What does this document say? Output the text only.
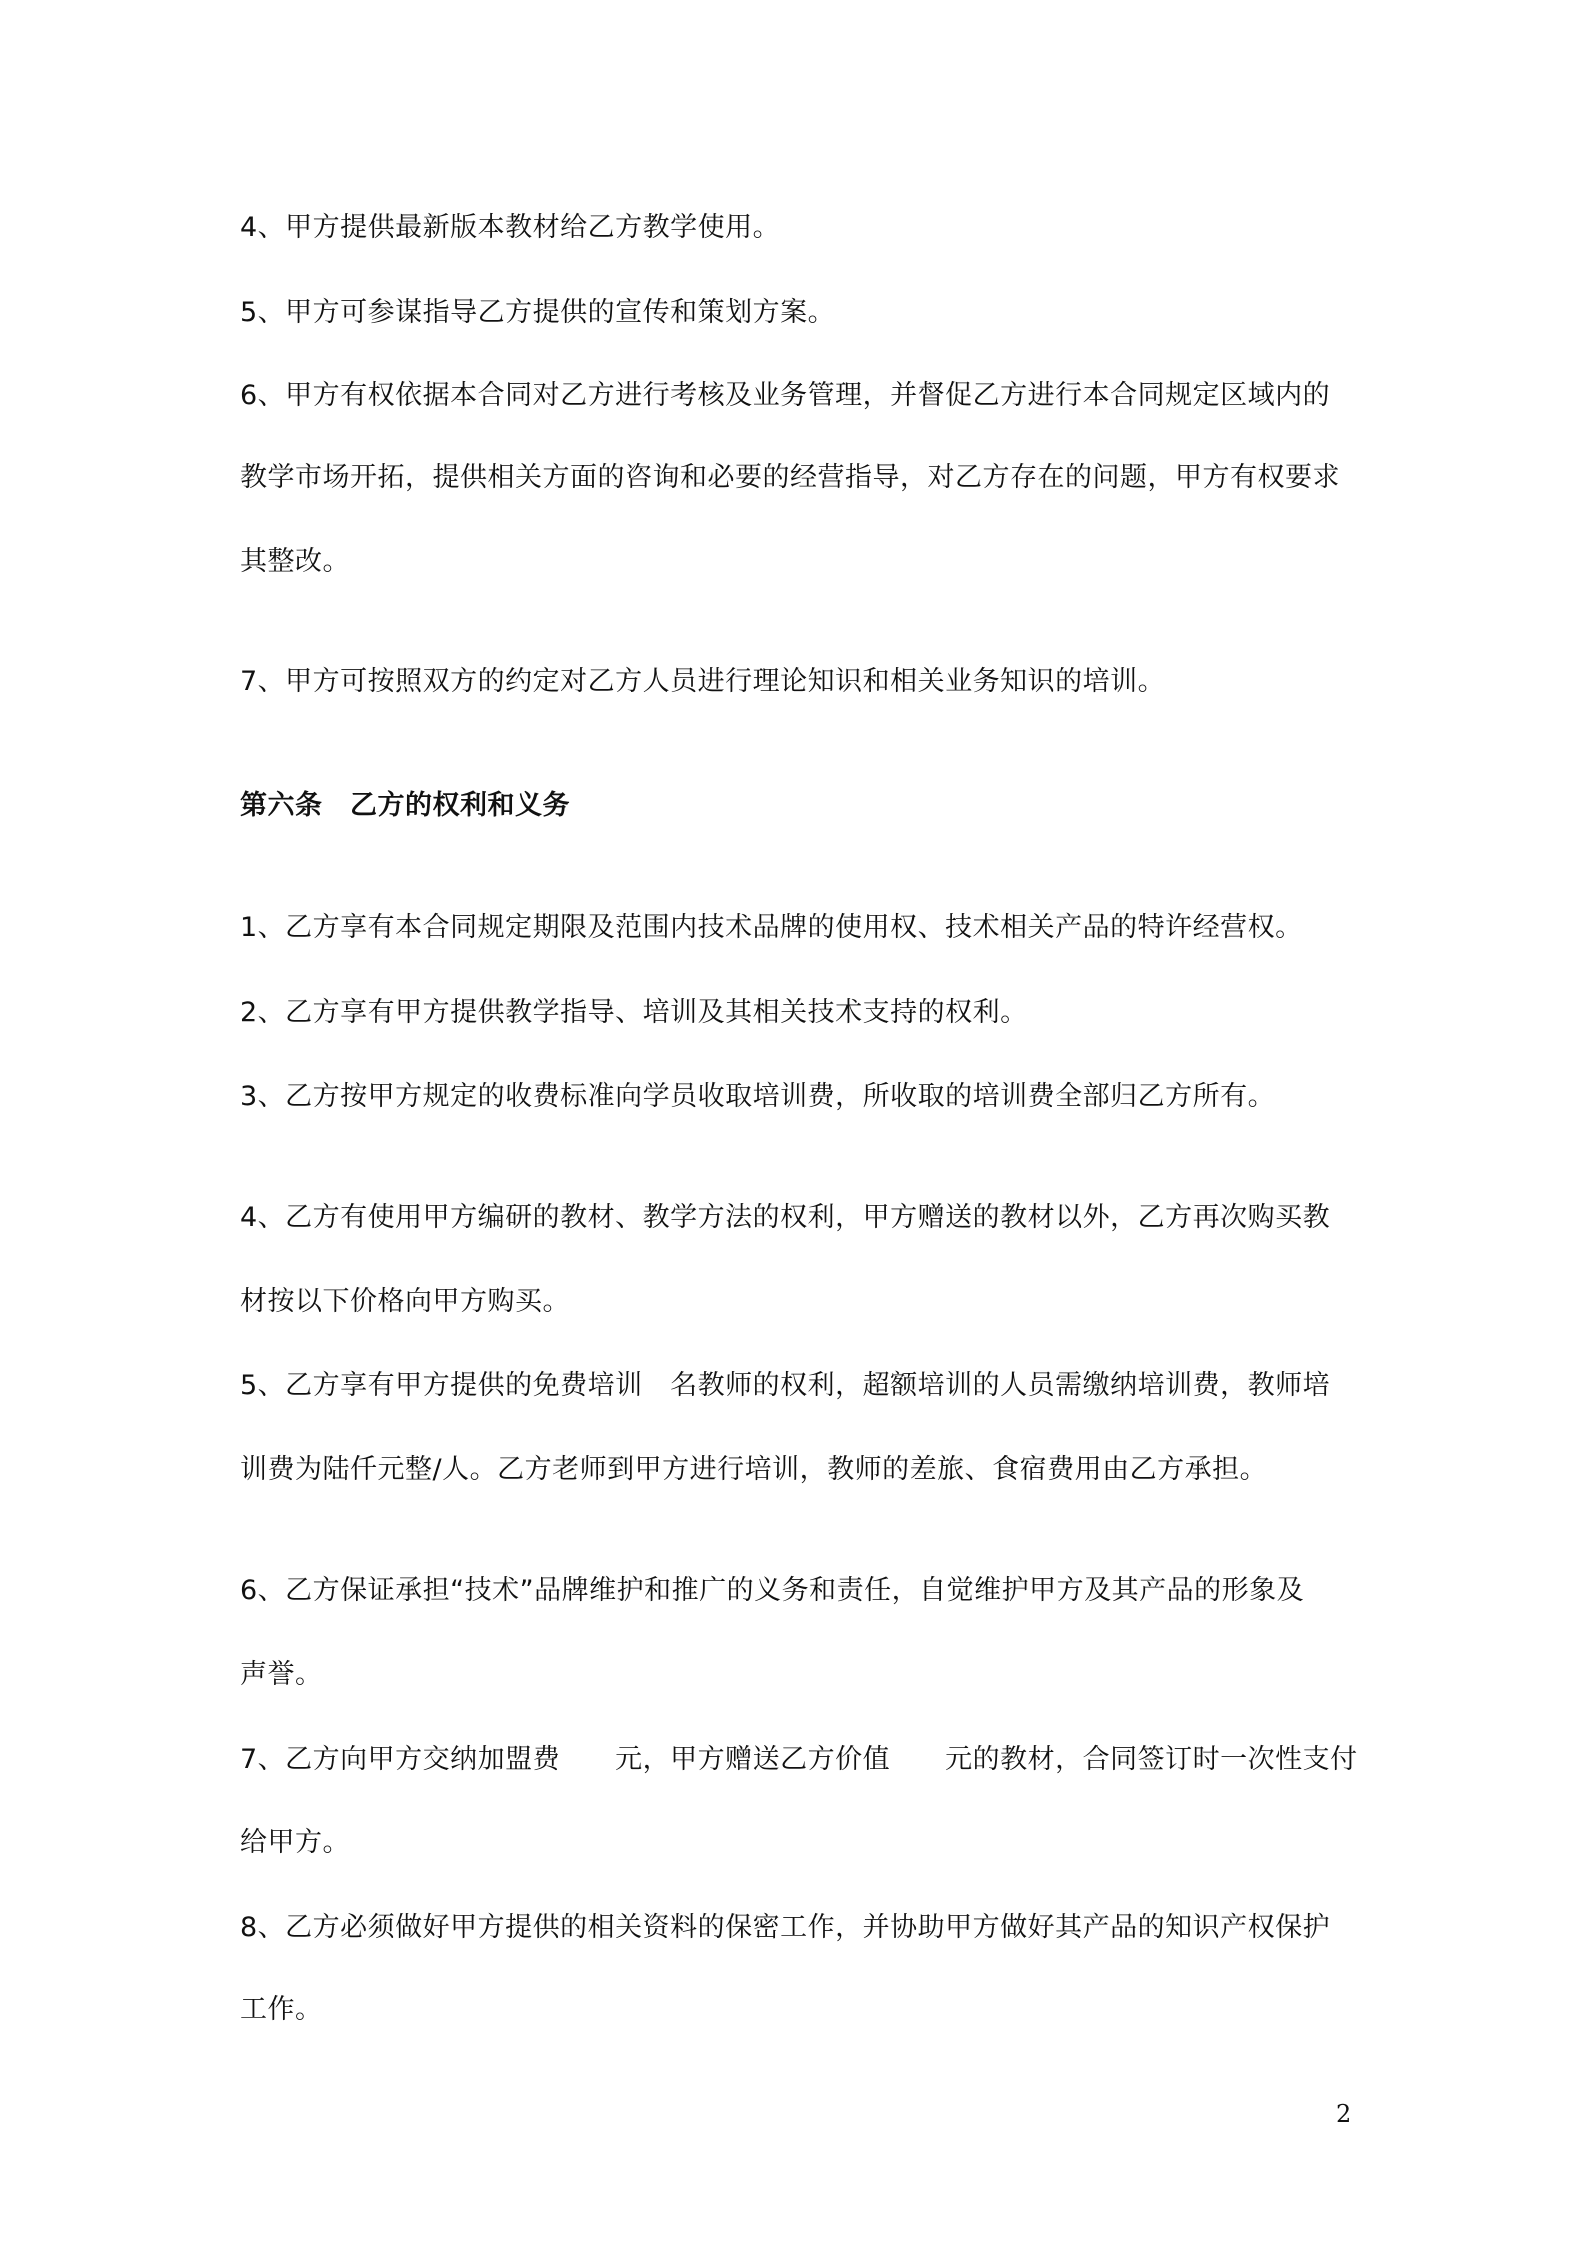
4、甲方提供最新版本教材给乙方教学使用。
5、甲方可参谋指导乙方提供的宣传和策划方案。
6、甲方有权依据本合同对乙方进行考核及业务管理，并督促乙方进行本合同规定区域内的
教学市场开拓，提供相关方面的咨询和必要的经营指导，对乙方存在的问题，甲方有权要求
其整改。
7、甲方可按照双方的约定对乙方人员进行理论知识和相关业务知识的培训。
第六条　乙方的权利和义务
1、乙方享有本合同规定期限及范围内技术品牌的使用权、技术相关产品的特许经营权。
2、乙方享有甲方提供教学指导、培训及其相关技术支持的权利。
3、乙方按甲方规定的收费标准向学员收取培训费，所收取的培训费全部归乙方所有。
4、乙方有使用甲方编研的教材、教学方法的权利，甲方赠送的教材以外，乙方再次购买教
材按以下价格向甲方购买。
5、乙方享有甲方提供的免费培训　名教师的权利，超额培训的人员需缴纳培训费，教师培
训费为陆仟元整/人。乙方老师到甲方进行培训，教师的差旅、食宿费用由乙方承担。
6、乙方保证承担“技术”品牌维护和推广的义务和责任，自觉维护甲方及其产品的形象及
声誉。
7、乙方向甲方交纳加盟费　　元，甲方赠送乙方价值　　元的教材，合同签订时一次性支付
给甲方。
8、乙方必须做好甲方提供的相关资料的保密工作，并协助甲方做好其产品的知识产权保护
工作。
2
